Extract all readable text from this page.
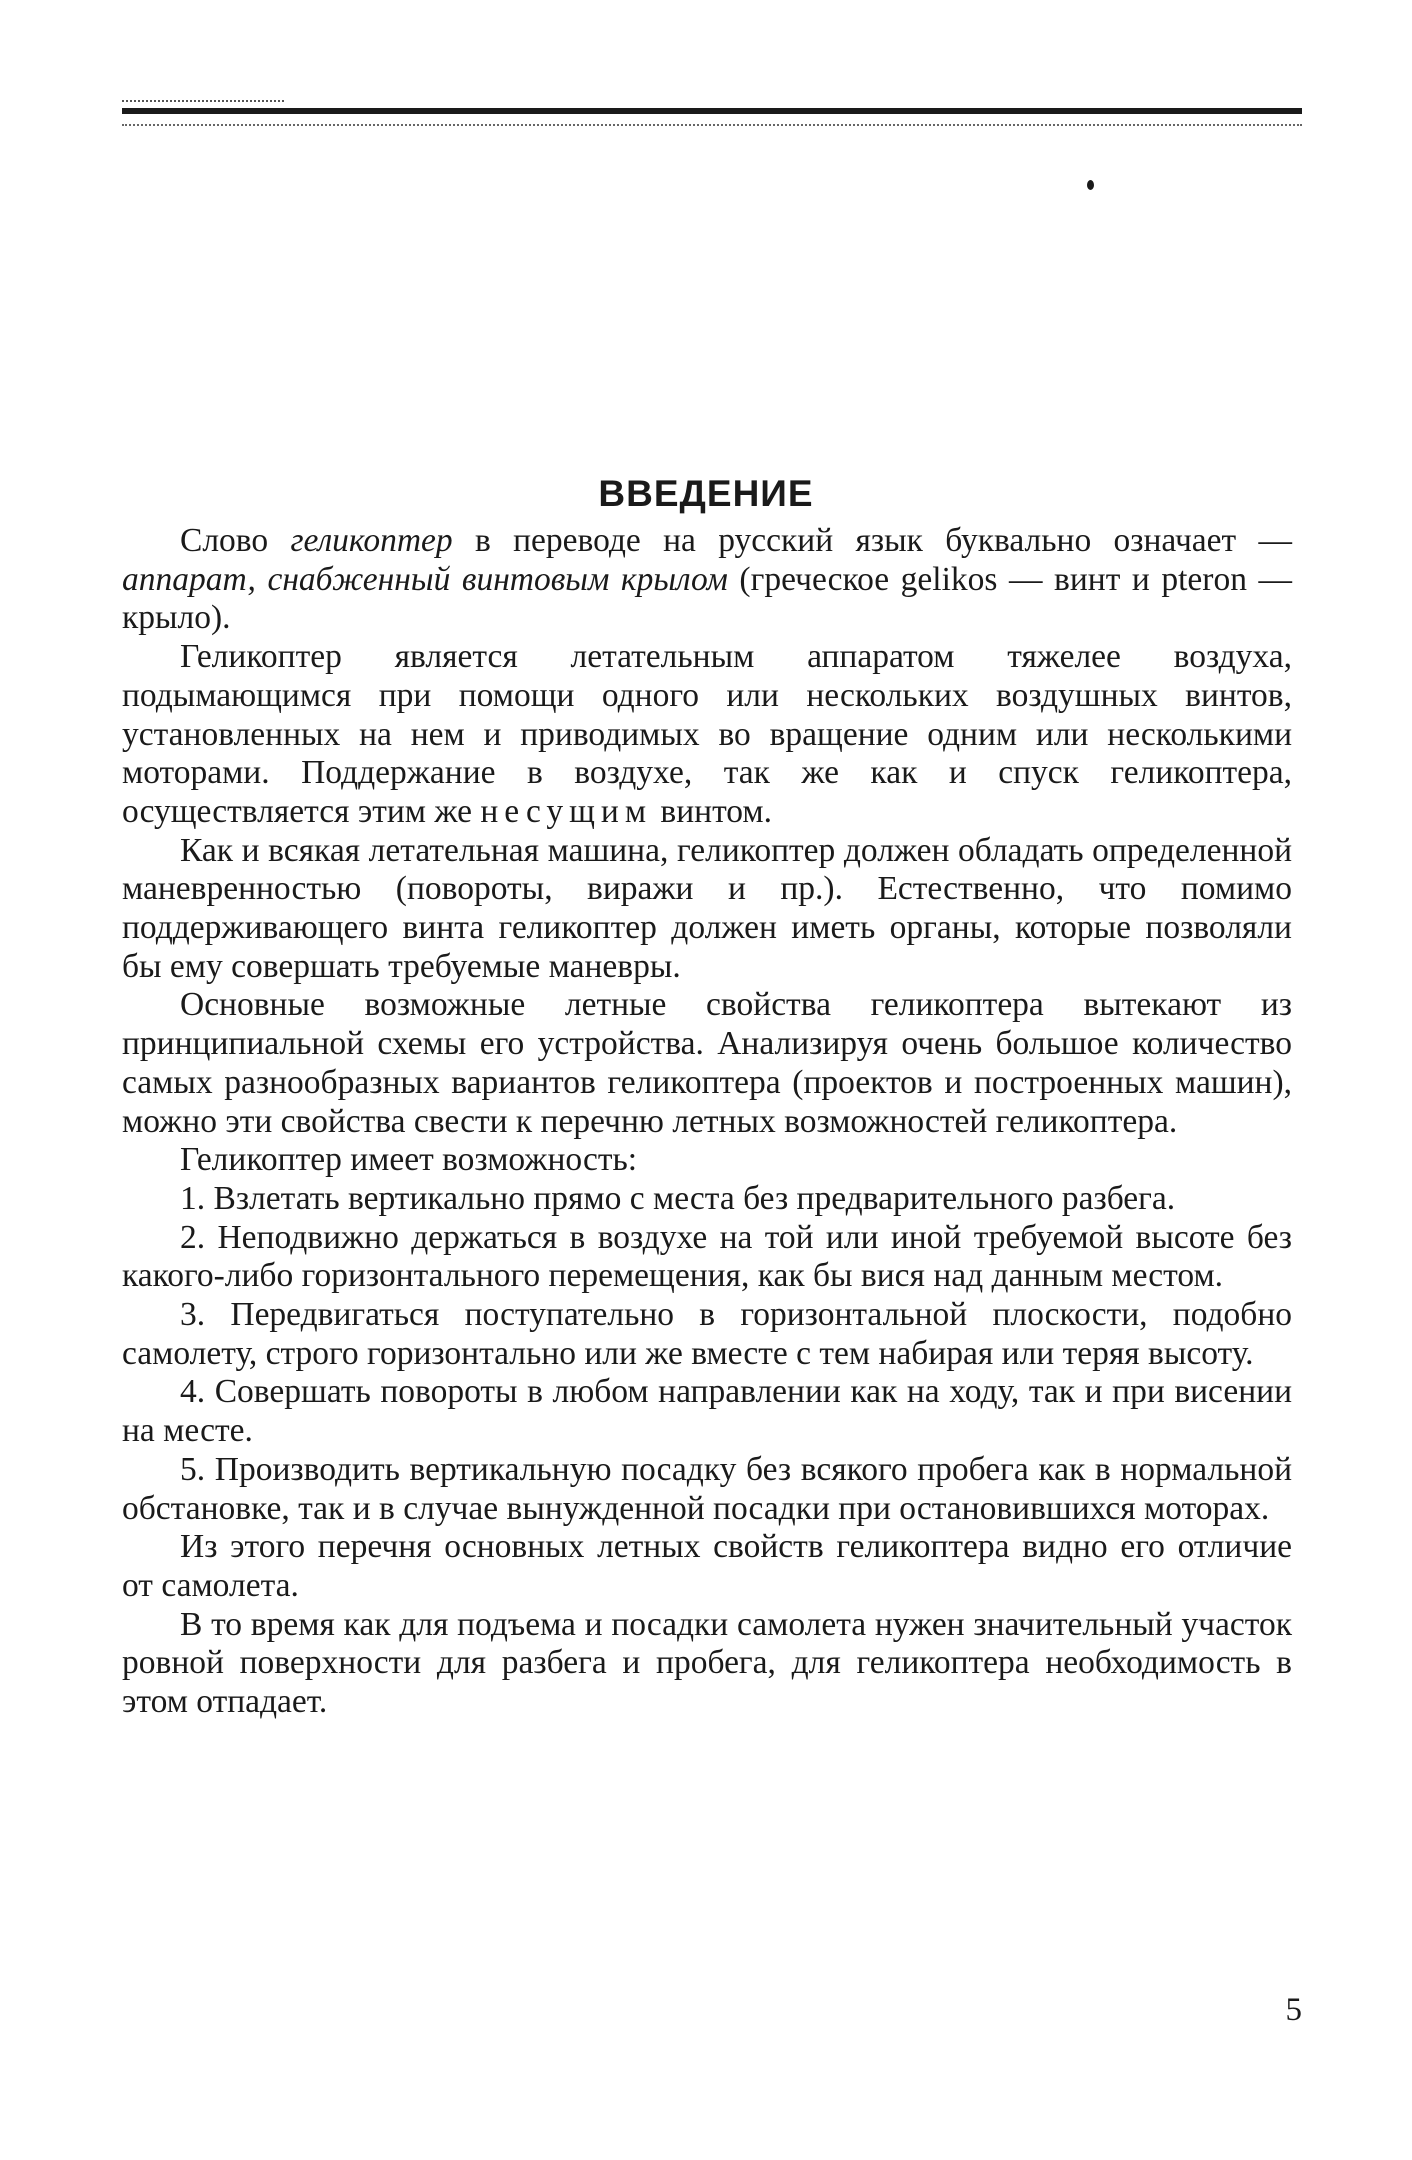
ВВЕДЕНИЕ

Слово геликоптер в переводе на русский язык буквально означает — аппарат, снабженный винтовым крылом (греческое gelikos — винт и pteron — крыло).

Геликоптер является летательным аппаратом тяжелее воздуха, подымающимся при помощи одного или нескольких воздушных винтов, установленных на нем и приводимых во вращение одним или несколькими моторами. Поддержание в воздухе, так же как и спуск геликоптера, осуществляется этим же несущим винтом.

Как и всякая летательная машина, геликоптер должен обладать определенной маневренностью (повороты, виражи и пр.). Естественно, что помимо поддерживающего винта геликоптер должен иметь органы, которые позволяли бы ему совершать требуемые маневры.

Основные возможные летные свойства геликоптера вытекают из принципиальной схемы его устройства. Анализируя очень большое количество самых разнообразных вариантов геликоптера (проектов и построенных машин), можно эти свойства свести к перечню летных возможностей геликоптера.

Геликоптер имеет возможность:

1. Взлетать вертикально прямо с места без предварительного разбега.

2. Неподвижно держаться в воздухе на той или иной требуемой высоте без какого-либо горизонтального перемещения, как бы вися над данным местом.

3. Передвигаться поступательно в горизонтальной плоскости, подобно самолету, строго горизонтально или же вместе с тем набирая или теряя высоту.

4. Совершать повороты в любом направлении как на ходу, так и при висении на месте.

5. Производить вертикальную посадку без всякого пробега как в нормальной обстановке, так и в случае вынужденной посадки при остановившихся моторах.

Из этого перечня основных летных свойств геликоптера видно его отличие от самолета.

В то время как для подъема и посадки самолета нужен значительный участок ровной поверхности для разбега и пробега, для геликоптера необходимость в этом отпадает.

5
